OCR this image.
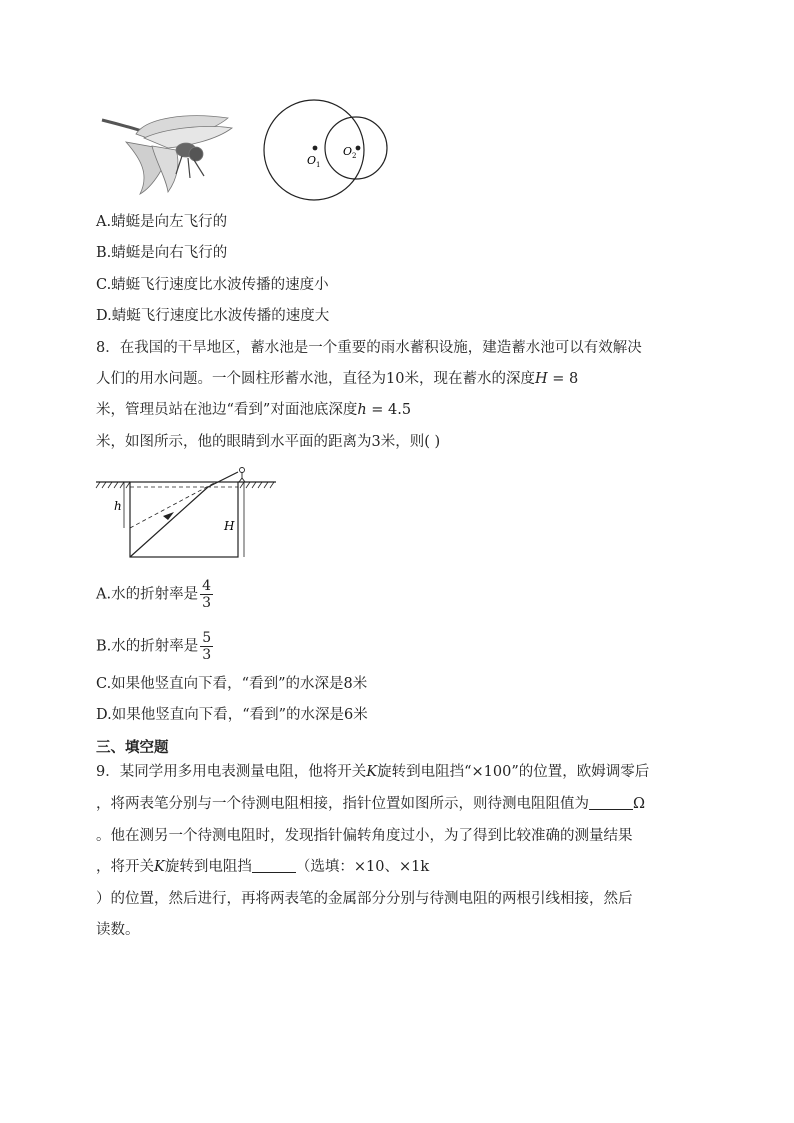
O 1
O 2
A.蜻蜓是向左飞行的
B.蜻蜓是向右飞行的
C.蜻蜓飞行速度比水波传播的速度小
D.蜻蜓飞行速度比水波传播的速度大
8．在我国的干旱地区，蓄水池是一个重要的雨水蓄积设施，建造蓄水池可以有效解决
人们的用水问题。一个圆柱形蓄水池，直径为10米，现在蓄水的深度H = 8
米，管理员站在池边“看到”对面池底深度h = 4.5
米，如图所示，他的眼睛到水平面的距离为3米，则( )
h
H
A.水的折射率是 $\frac{4}{3}$
B.水的折射率是 $\frac{5}{3}$
C.如果他竖直向下看，“看到”的水深是8米
D.如果他竖直向下看，“看到”的水深是6米
三、填空题
9．某同学用多用电表测量电阻，他将开关K旋转到电阻挡“×100”的位置，欧姆调零后
，将两表笔分别与一个待测电阻相接，指针位置如图所示，则待测电阻阻值为	Ω
。他在测另一个待测电阻时，发现指针偏转角度过小，为了得到比较准确的测量结果
，将开关K旋转到电阻挡	（选填：×10、×1k
）的位置，然后进行，再将两表笔的金属部分分别与待测电阻的两根引线相接，然后
读数。
